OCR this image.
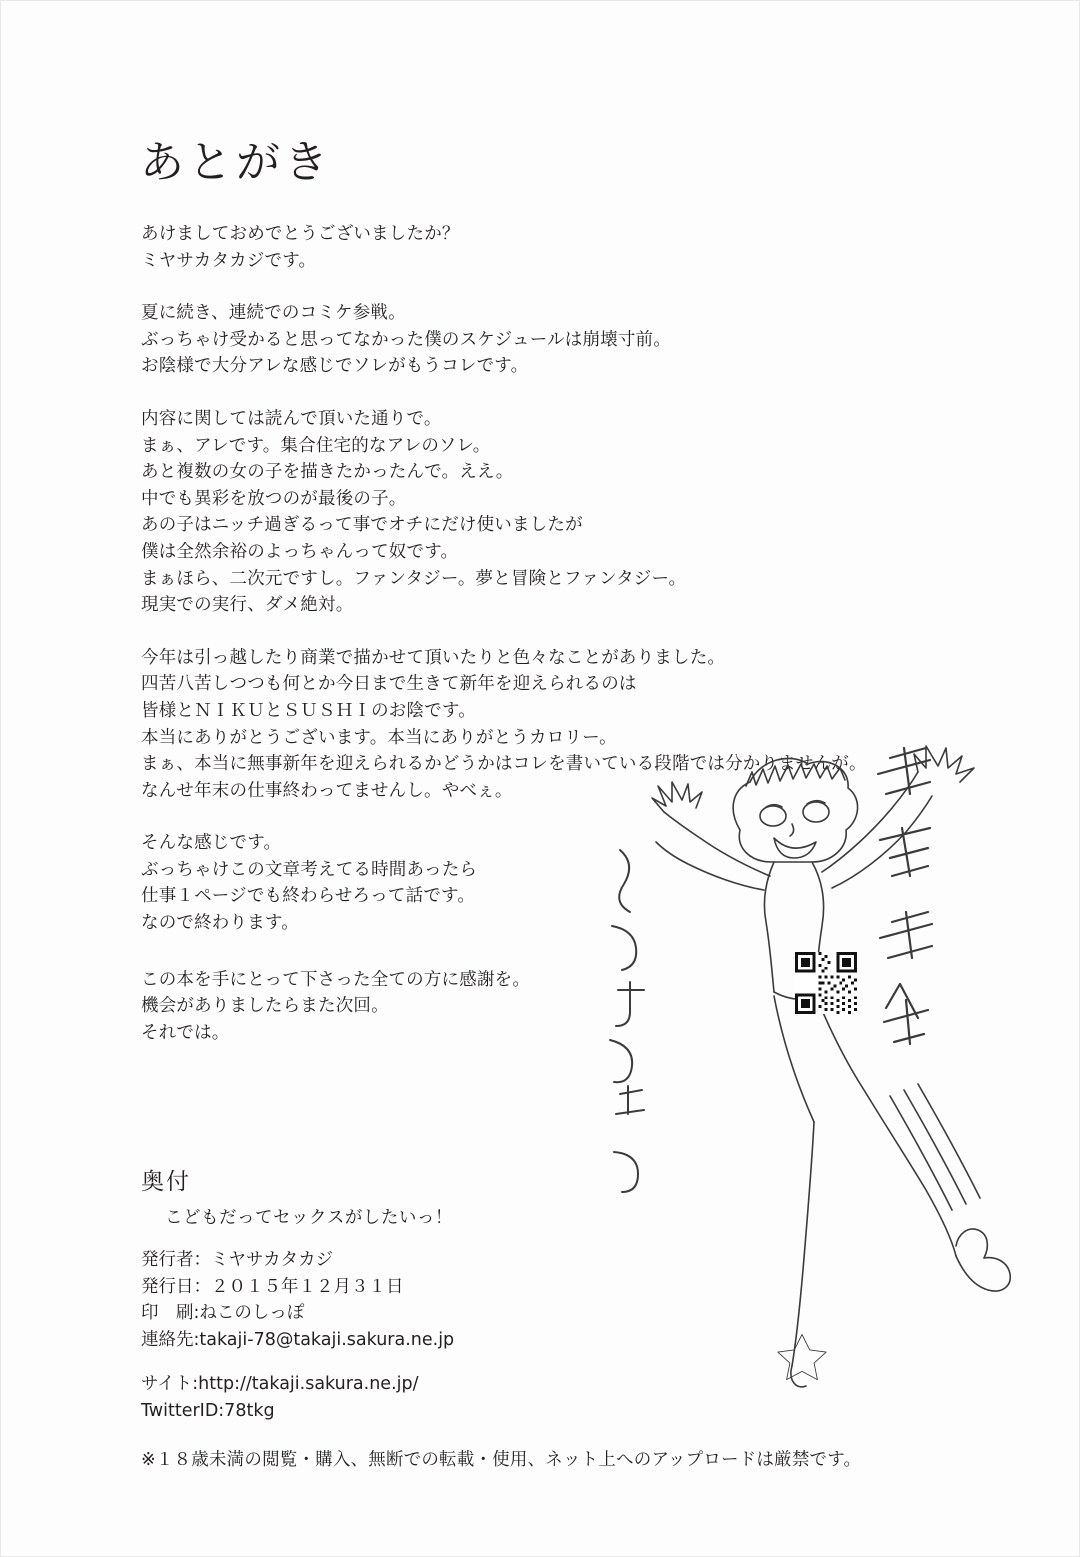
あとがき
あけましておめでとうございましたか？
ミヤサカタカジです。
夏に続き、連続でのコミケ参戦。
ぶっちゃけ受かると思ってなかった僕のスケジュールは崩壊寸前。
お陰様で大分アレな感じでソレがもうコレです。
内容に関しては読んで頂いた通りで。
まぁ、アレです。集合住宅的なアレのソレ。
あと複数の女の子を描きたかったんで。ええ。
中でも異彩を放つのが最後の子。
あの子はニッチ過ぎるって事でオチにだけ使いましたが
僕は全然余裕のよっちゃんって奴です。
まぁほら、二次元ですし。ファンタジー。夢と冒険とファンタジー。
現実での実行、ダメ絶対。
今年は引っ越したり商業で描かせて頂いたりと色々なことがありました。
四苦八苦しつつも何とか今日まで生きて新年を迎えられるのは
皆様とＮＩＫＵとＳＵＳＨＩのお陰です。
本当にありがとうございます。本当にありがとうカロリー。
まぁ、本当に無事新年を迎えられるかどうかはコレを書いている段階では分かりませんが。
なんせ年末の仕事終わってませんし。やべぇ。
そんな感じです。
ぶっちゃけこの文章考えてる時間あったら
仕事１ページでも終わらせろって話です。
なので終わります。
この本を手にとって下さった全ての方に感謝を。
機会がありましたらまた次回。
それでは。
奥付
こどもだってセックスがしたいっ！
発行者：ミヤサカタカジ
発行日：２０１５年１２月３１日
印　刷:ねこのしっぽ
連絡先:takaji-78@takaji.sakura.ne.jp
サイト:http://takaji.sakura.ne.jp/
TwitterID:78tkg
※１８歳未満の閲覧・購入、無断での転載・使用、ネット上へのアップロードは厳禁です。
